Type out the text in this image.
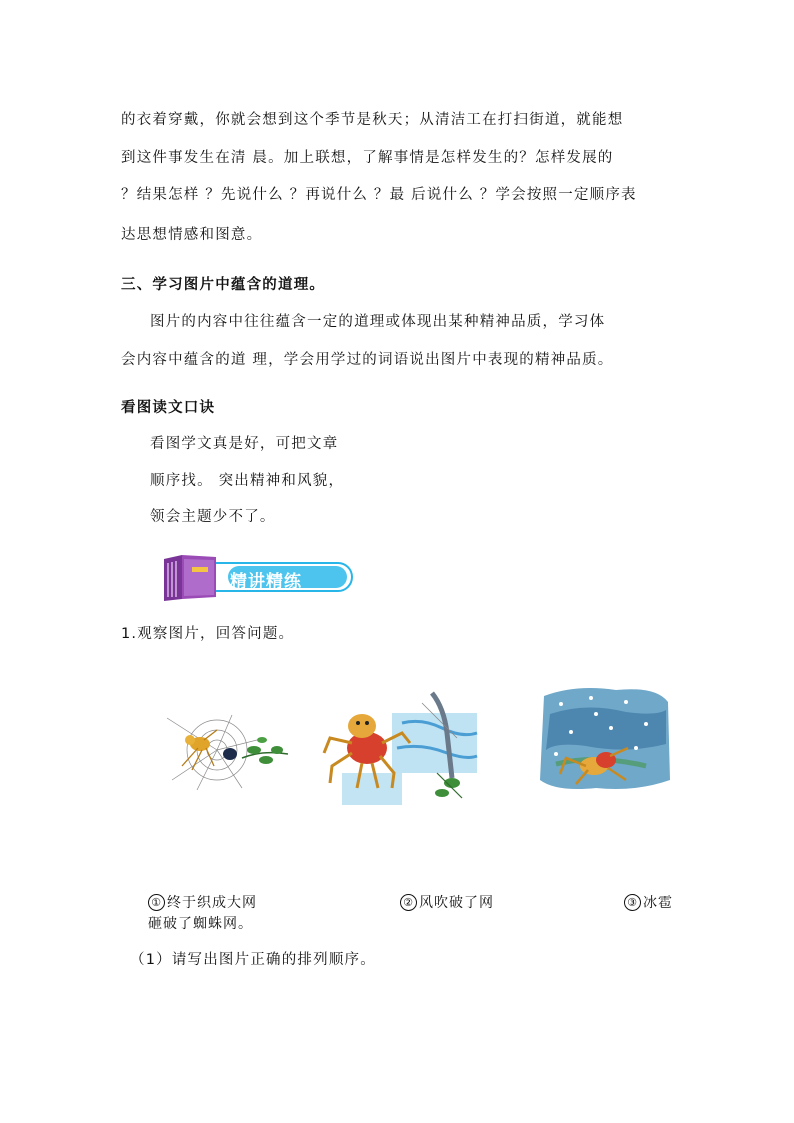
的衣着穿戴，你就会想到这个季节是秋天；从清洁工在打扫街道，就能想
到这件事发生在清 晨。加上联想，了解事情是怎样发生的？怎样发展的
？结果怎样 ？先说什么 ？再说什么 ？最 后说什么 ？学会按照一定顺序表
达思想情感和图意。
三、学习图片中蕴含的道理。
图片的内容中往往蕴含一定的道理或体现出某种精神品质，学习体
会内容中蕴含的道 理，学会用学过的词语说出图片中表现的精神品质。
看图读文口诀
看图学文真是好，可把文章
顺序找。 突出精神和风貌，
领会主题少不了。
精讲精练
1.观察图片，回答问题。
① 终于织成大网	② 风吹破了网	③ 冰雹
砸破了蜘蛛网。
（1）请写出图片正确的排列顺序。
